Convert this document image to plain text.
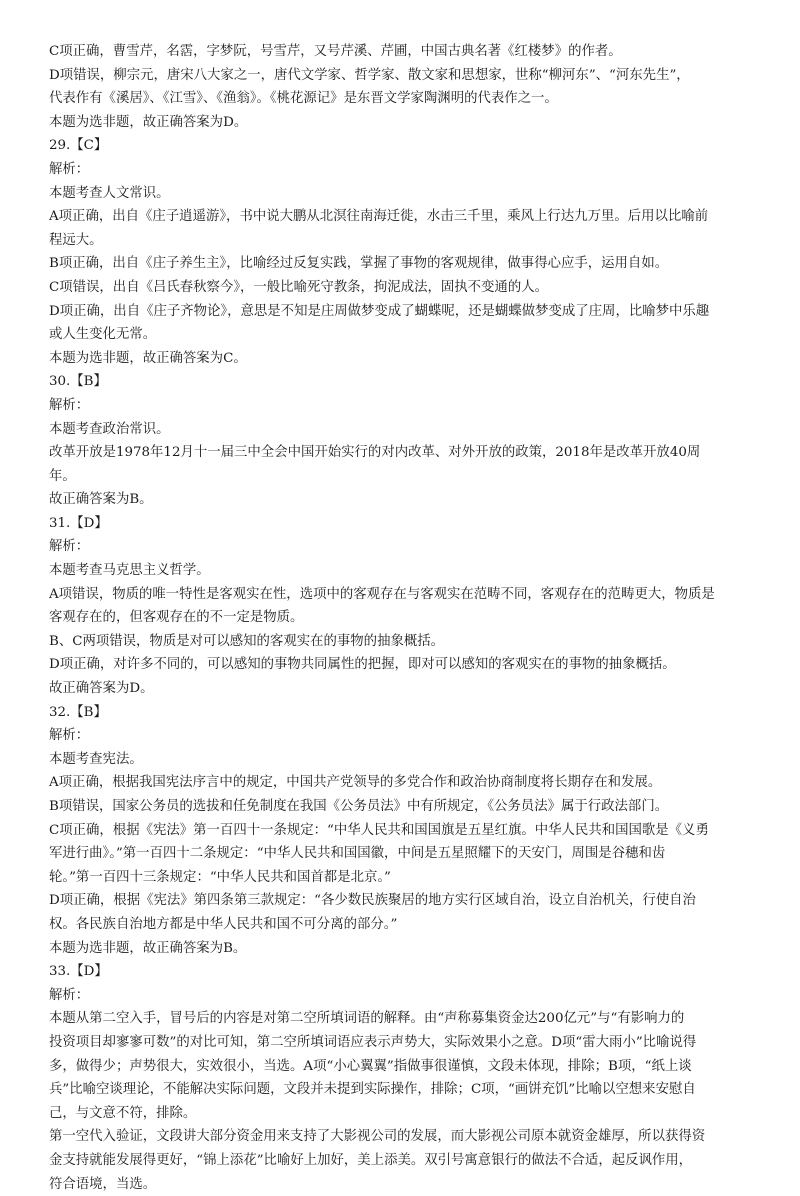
C项正确，曹雪芹，名霑，字梦阮，号雪芹，又号芹溪、芹圃，中国古典名著《红楼梦》的作者。

D项错误，柳宗元，唐宋八大家之一，唐代文学家、哲学家、散文家和思想家，世称“柳河东”、“河东先生”，

代表作有《溪居》、《江雪》、《渔翁》。《桃花源记》是东晋文学家陶渊明的代表作之一。

本题为选非题，故正确答案为D。

29.【C】

解析：

本题考查人文常识。

A项正确，出自《庄子逍遥游》，书中说大鹏从北溟往南海迁徙，水击三千里，乘风上行达九万里。后用以比喻前

程远大。

B项正确，出自《庄子养生主》，比喻经过反复实践，掌握了事物的客观规律，做事得心应手，运用自如。

C项错误，出自《吕氏春秋察今》，一般比喻死守教条，拘泥成法，固执不变通的人。

D项正确，出自《庄子齐物论》，意思是不知是庄周做梦变成了蝴蝶呢，还是蝴蝶做梦变成了庄周，比喻梦中乐趣

或人生变化无常。

本题为选非题，故正确答案为C。

30.【B】

解析：

本题考查政治常识。

改革开放是1978年12月十一届三中全会中国开始实行的对内改革、对外开放的政策，2018年是改革开放40周

年。

故正确答案为B。

31.【D】

解析：

本题考查马克思主义哲学。

A项错误，物质的唯一特性是客观实在性，选项中的客观存在与客观实在范畴不同，客观存在的范畴更大，物质是

客观存在的，但客观存在的不一定是物质。

B、C两项错误，物质是对可以感知的客观实在的事物的抽象概括。

D项正确，对许多不同的，可以感知的事物共同属性的把握，即对可以感知的客观实在的事物的抽象概括。

故正确答案为D。

32.【B】

解析：

本题考查宪法。

A项正确，根据我国宪法序言中的规定，中国共产党领导的多党合作和政治协商制度将长期存在和发展。

B项错误，国家公务员的选拔和任免制度在我国《公务员法》中有所规定，《公务员法》属于行政法部门。

C项正确，根据《宪法》第一百四十一条规定：“中华人民共和国国旗是五星红旗。中华人民共和国国歌是《义勇

军进行曲》。”第一百四十二条规定：“中华人民共和国国徽，中间是五星照耀下的天安门，周围是谷穗和齿

轮。”第一百四十三条规定：“中华人民共和国首都是北京。”

D项正确，根据《宪法》第四条第三款规定：“各少数民族聚居的地方实行区域自治，设立自治机关，行使自治

权。各民族自治地方都是中华人民共和国不可分离的部分。”

本题为选非题，故正确答案为B。

33.【D】

解析：

本题从第二空入手，冒号后的内容是对第二空所填词语的解释。由“声称募集资金达200亿元”与“有影响力的

投资项目却寥寥可数”的对比可知，第二空所填词语应表示声势大，实际效果小之意。D项“雷大雨小”比喻说得

多，做得少；声势很大，实效很小，当选。A项“小心翼翼”指做事很谨慎，文段未体现，排除；B项，“纸上谈

兵”比喻空谈理论，不能解决实际问题，文段并未提到实际操作，排除；C项，“画饼充饥”比喻以空想来安慰自

己，与文意不符，排除。

第一空代入验证，文段讲大部分资金用来支持了大影视公司的发展，而大影视公司原本就资金雄厚，所以获得资

金支持就能发展得更好，“锦上添花”比喻好上加好，美上添美。双引号寓意银行的做法不合适，起反讽作用，

符合语境，当选。
